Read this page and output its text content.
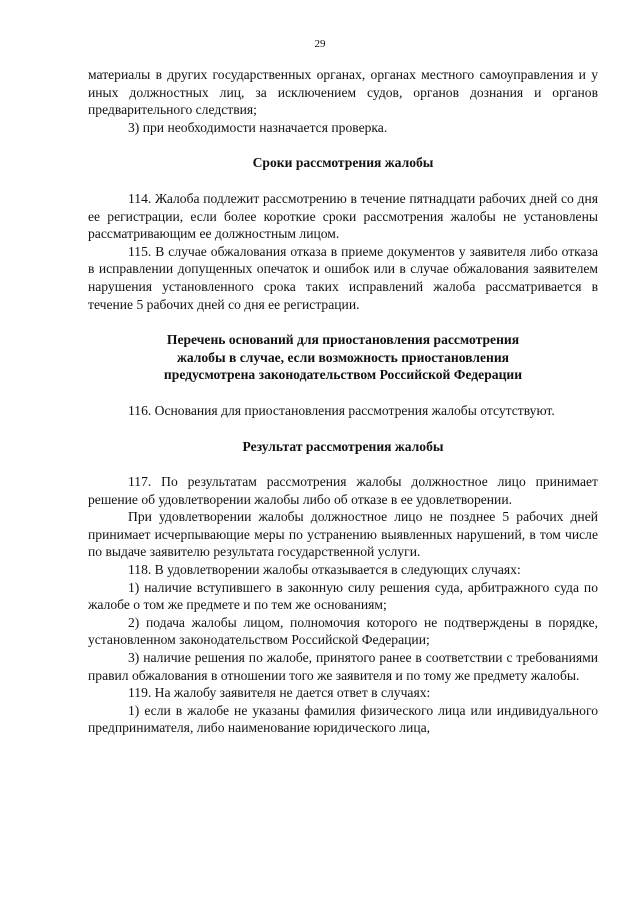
29

материалы в других государственных органах, органах местного самоуправления и у иных должностных лиц, за исключением судов, органов дознания и органов предварительного следствия;

3) при необходимости назначается проверка.

Сроки рассмотрения жалобы

114. Жалоба подлежит рассмотрению в течение пятнадцати рабочих дней со дня ее регистрации, если более короткие сроки рассмотрения жалобы не установлены рассматривающим ее должностным лицом.

115. В случае обжалования отказа в приеме документов у заявителя либо отказа в исправлении допущенных опечаток и ошибок или в случае обжалования заявителем нарушения установленного срока таких исправлений жалоба рассматривается в течение 5 рабочих дней со дня ее регистрации.

Перечень оснований для приостановления рассмотрения
жалобы в случае, если возможность приостановления
предусмотрена законодательством Российской Федерации

116. Основания для приостановления рассмотрения жалобы отсутствуют.

Результат рассмотрения жалобы

117. По результатам рассмотрения жалобы должностное лицо принимает решение об удовлетворении жалобы либо об отказе в ее удовлетворении.

При удовлетворении жалобы должностное лицо не позднее 5 рабочих дней принимает исчерпывающие меры по устранению выявленных нарушений, в том числе по выдаче заявителю результата государственной услуги.

118. В удовлетворении жалобы отказывается в следующих случаях:

1) наличие вступившего в законную силу решения суда, арбитражного суда по жалобе о том же предмете и по тем же основаниям;

2) подача жалобы лицом, полномочия которого не подтверждены в порядке, установленном законодательством Российской Федерации;

3) наличие решения по жалобе, принятого ранее в соответствии с требованиями правил обжалования в отношении того же заявителя и по тому же предмету жалобы.

119. На жалобу заявителя не дается ответ в случаях:

1) если в жалобе не указаны фамилия физического лица или индивидуального предпринимателя, либо наименование юридического лица,
